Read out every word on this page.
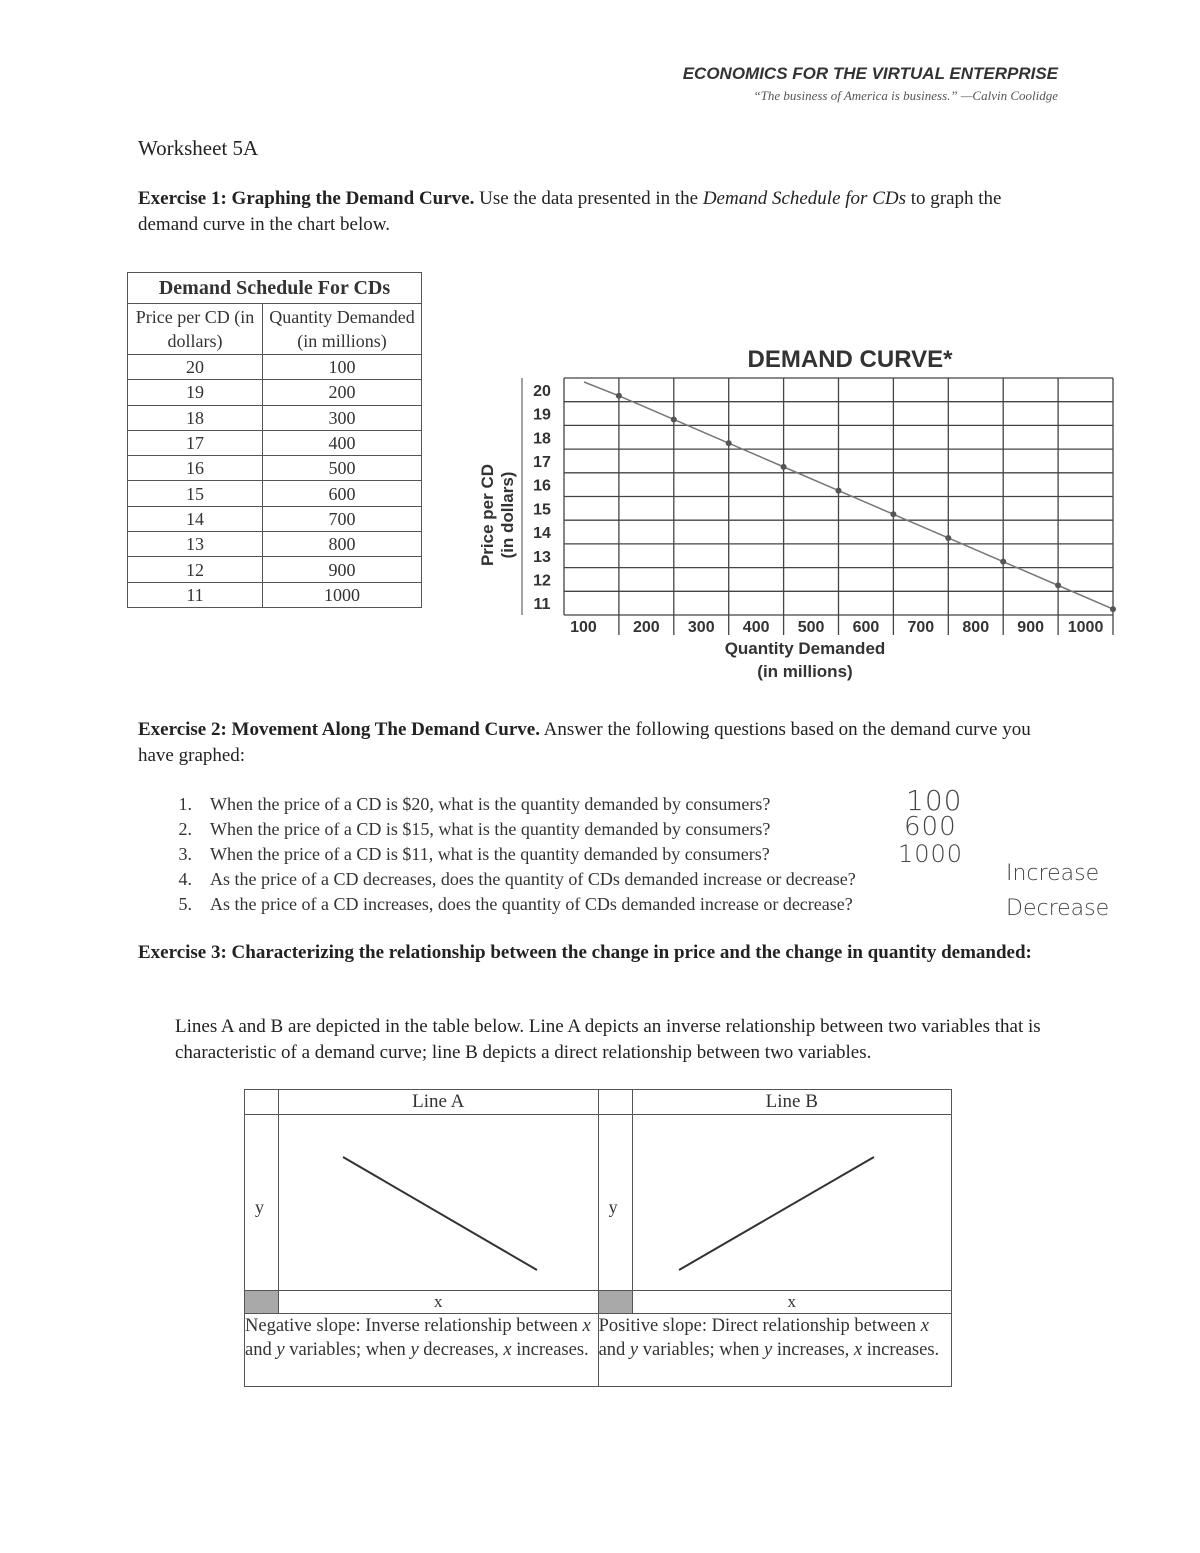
ECONOMICS FOR THE VIRTUAL ENTERPRISE
“The business of America is business.” —Calvin Coolidge
Worksheet 5A
Exercise 1: Graphing the Demand Curve. Use the data presented in the Demand Schedule for CDs to graph the demand curve in the chart below.
Demand Schedule For CDs	
Price per CD (in dollars)	Quantity Demanded (in millions)
20	100
19	200
18	300
17	400
16	500
15	600
14	700
13	800
12	900
11	1000
DEMAND CURVE*
Price per CD (in dollars)
20
19
18
17
16
15
14
13
12
11
100 200 300 400 500 600 700 800 900 1000
Quantity Demanded
(in millions)
Exercise 2: Movement Along The Demand Curve. Answer the following questions based on the demand curve you have graphed:
1. When the price of a CD is $20, what is the quantity demanded by consumers?	100
2. When the price of a CD is $15, what is the quantity demanded by consumers?	600
3. When the price of a CD is $11, what is the quantity demanded by consumers?	1000
4. As the price of a CD decreases, does the quantity of CDs demanded increase or decrease?	Increase
5. As the price of a CD increases, does the quantity of CDs demanded increase or decrease?	Decrease
Exercise 3: Characterizing the relationship between the change in price and the change in quantity demanded:
Lines A and B are depicted in the table below. Line A depicts an inverse relationship between two variables that is characteristic of a demand curve; line B depicts a direct relationship between two variables.
	Line A		Line B

y		y

	x		x
Negative slope: Inverse relationship between x and y variables; when y decreases, x increases.		Positive slope: Direct relationship between x and y variables; when y increases, x increases.	
